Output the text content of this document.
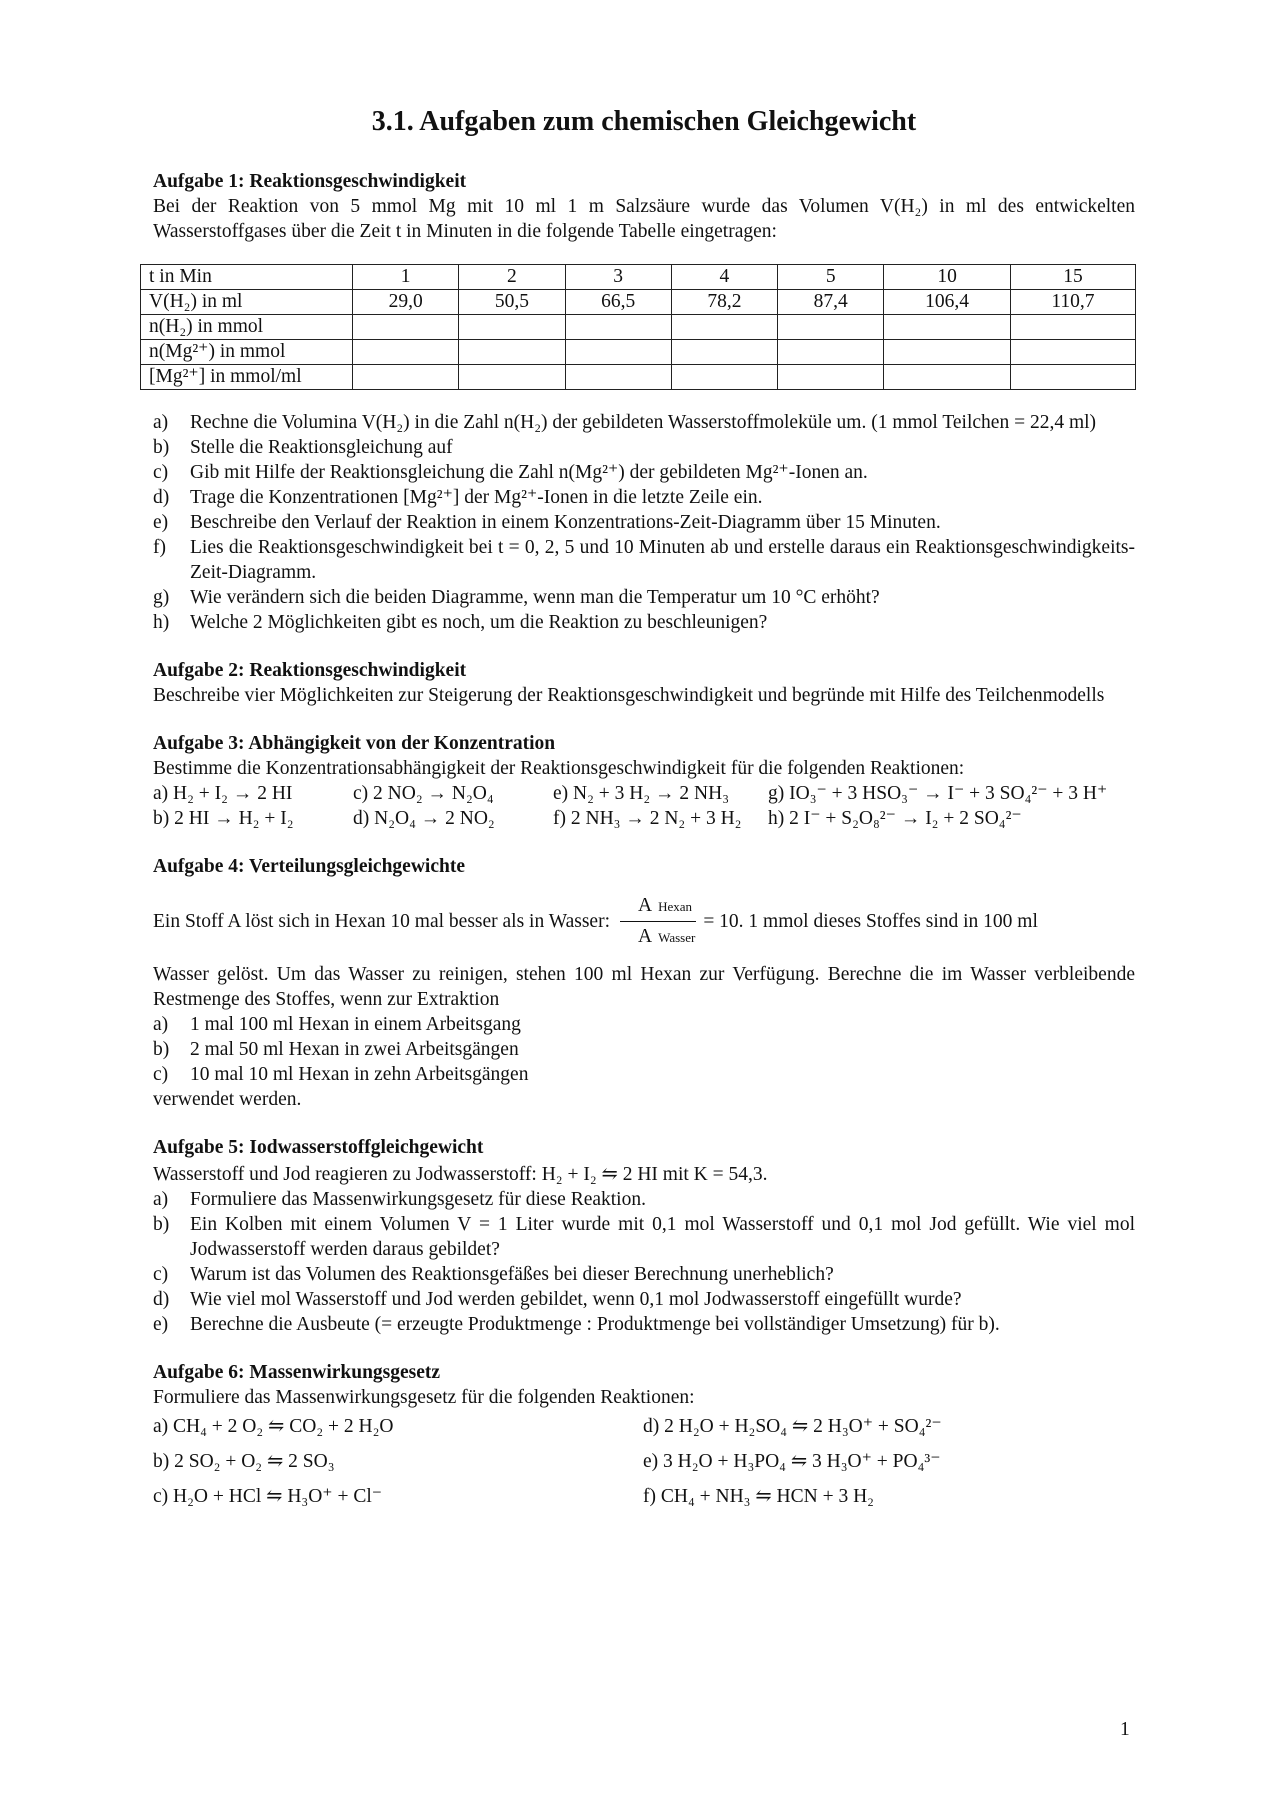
3.1. Aufgaben zum chemischen Gleichgewicht
Aufgabe 1: Reaktionsgeschwindigkeit

Bei der Reaktion von 5 mmol Mg mit 10 ml 1 m Salzsäure wurde das Volumen V(H₂) in ml des entwickelten Wasserstoffgases über die Zeit t in Minuten in die folgende Tabelle eingetragen:

t in Min	1	2	3	4	5	10	15
V(H₂) in ml	29,0	50,5	66,5	78,2	87,4	106,4	110,7
n(H₂) in mmol							
n(Mg²⁺) in mmol							
[Mg²⁺] in mmol/ml							
a) Rechne die Volumina V(H₂) in die Zahl n(H₂) der gebildeten Wasserstoffmoleküle um. (1 mmol Teilchen = 22,4 ml)
b) Stelle die Reaktionsgleichung auf
c) Gib mit Hilfe der Reaktionsgleichung die Zahl n(Mg²⁺) der gebildeten Mg²⁺-Ionen an.
d) Trage die Konzentrationen [Mg²⁺] der Mg²⁺-Ionen in die letzte Zeile ein.
e) Beschreibe den Verlauf der Reaktion in einem Konzentrations-Zeit-Diagramm über 15 Minuten.
f) Lies die Reaktionsgeschwindigkeit bei t = 0, 2, 5 und 10 Minuten ab und erstelle daraus ein Reaktionsgeschwindigkeits-Zeit-Diagramm.
g) Wie verändern sich die beiden Diagramme, wenn man die Temperatur um 10 °C erhöht?
h) Welche 2 Möglichkeiten gibt es noch, um die Reaktion zu beschleunigen?
Aufgabe 2: Reaktionsgeschwindigkeit

Beschreibe vier Möglichkeiten zur Steigerung der Reaktionsgeschwindigkeit und begründe mit Hilfe des Teilchenmodells

Aufgabe 3: Abhängigkeit von der Konzentration

Bestimme die Konzentrationsabhängigkeit der Reaktionsgeschwindigkeit für die folgenden Reaktionen:

a) H₂ + I₂ → 2 HI	c) 2 NO₂ → N₂O₄	e) N₂ + 3 H₂ → 2 NH₃	g) IO₃⁻ + 3 HSO₃⁻ → I⁻ + 3 SO₄²⁻ + 3 H⁺
b) 2 HI → H₂ + I₂	d) N₂O₄ → 2 NO₂	f) 2 NH₃ → 2 N₂ + 3 H₂	h) 2 I⁻ + S₂O₈²⁻ → I₂ + 2 SO₄²⁻
Aufgabe 4: Verteilungsgleichgewichte
Ein Stoff A löst sich in Hexan 10 mal besser als in Wasser: $\frac{\text{A Hexan}}{\text{A Wasser}} = 10$. 1 mmol dieses Stoffes sind in 100 ml

Wasser gelöst. Um das Wasser zu reinigen, stehen 100 ml Hexan zur Verfügung. Berechne die im Wasser verbleibende Restmenge des Stoffes, wenn zur Extraktion

a) 1 mal 100 ml Hexan in einem Arbeitsgang
b) 2 mal 50 ml Hexan in zwei Arbeitsgängen
c) 10 mal 10 ml Hexan in zehn Arbeitsgängen

verwendet werden.

Aufgabe 5: Iodwasserstoffgleichgewicht

Wasserstoff und Jod reagieren zu Jodwasserstoff: H₂ + I₂ ⇋ 2 HI mit K = 54,3.

a) Formuliere das Massenwirkungsgesetz für diese Reaktion.
b) Ein Kolben mit einem Volumen V = 1 Liter wurde mit 0,1 mol Wasserstoff und 0,1 mol Jod gefüllt. Wie viel mol Jodwasserstoff werden daraus gebildet?
c) Warum ist das Volumen des Reaktionsgefäßes bei dieser Berechnung unerheblich?
d) Wie viel mol Wasserstoff und Jod werden gebildet, wenn 0,1 mol Jodwasserstoff eingefüllt wurde?
e) Berechne die Ausbeute (= erzeugte Produktmenge : Produktmenge bei vollständiger Umsetzung) für b).
Aufgabe 6: Massenwirkungsgesetz

Formuliere das Massenwirkungsgesetz für die folgenden Reaktionen:

a) CH₄ + 2 O₂ ⇋ CO₂ + 2 H₂O	d) 2 H₂O + H₂SO₄ ⇋ 2 H₃O⁺ + SO₄²⁻
b) 2 SO₂ + O₂ ⇋ 2 SO₃	e) 3 H₂O + H₃PO₄ ⇋ 3 H₃O⁺ + PO₄³⁻
c) H₂O + HCl ⇋ H₃O⁺ + Cl⁻	f) CH₄ + NH₃ ⇋ HCN + 3 H₂
1
